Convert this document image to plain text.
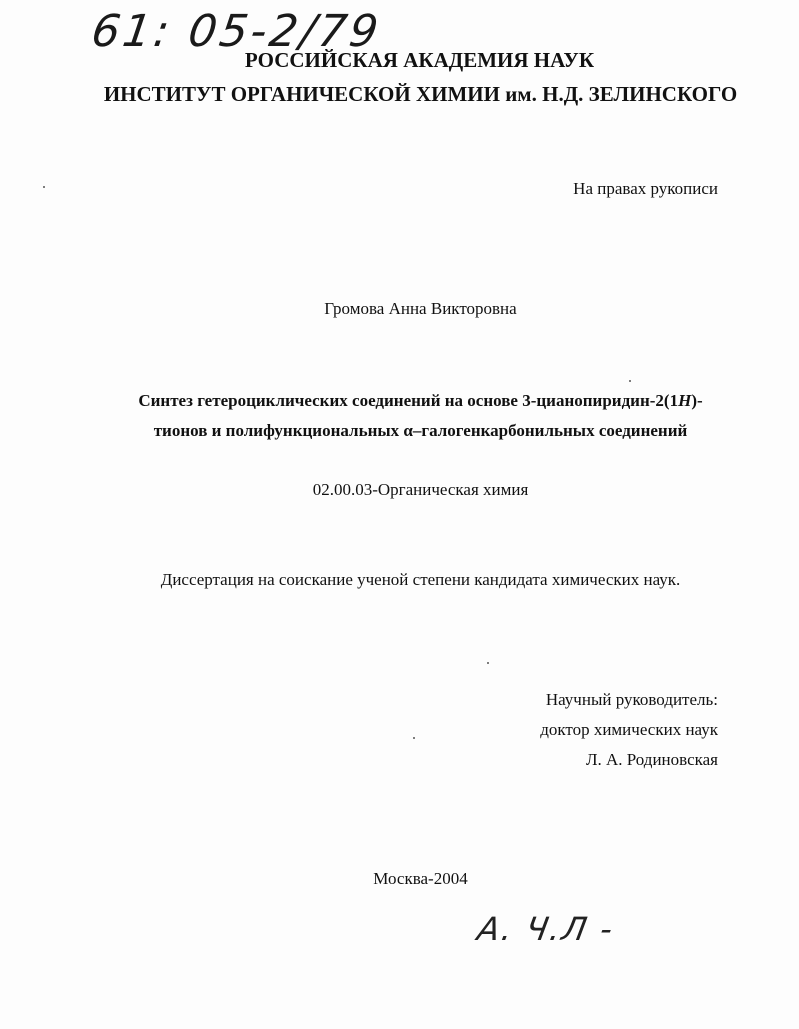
61: 05-2/79
РОССИЙСКАЯ АКАДЕМИЯ НАУК
ИНСТИТУТ ОРГАНИЧЕСКОЙ ХИМИИ им. Н.Д. ЗЕЛИНСКОГО
На правах рукописи
Громова Анна Викторовна
Синтез гетероциклических соединений на основе 3-цианопиридин-2(1H)-
тионов и полифункциональных α–галогенкарбонильных соединений
02.00.03-Органическая химия
Диссертация на соискание ученой степени кандидата химических наук.
Научный руководитель:
доктор химических наук
Л. А. Родиновская
Москва-2004
А. Ч.Л -
